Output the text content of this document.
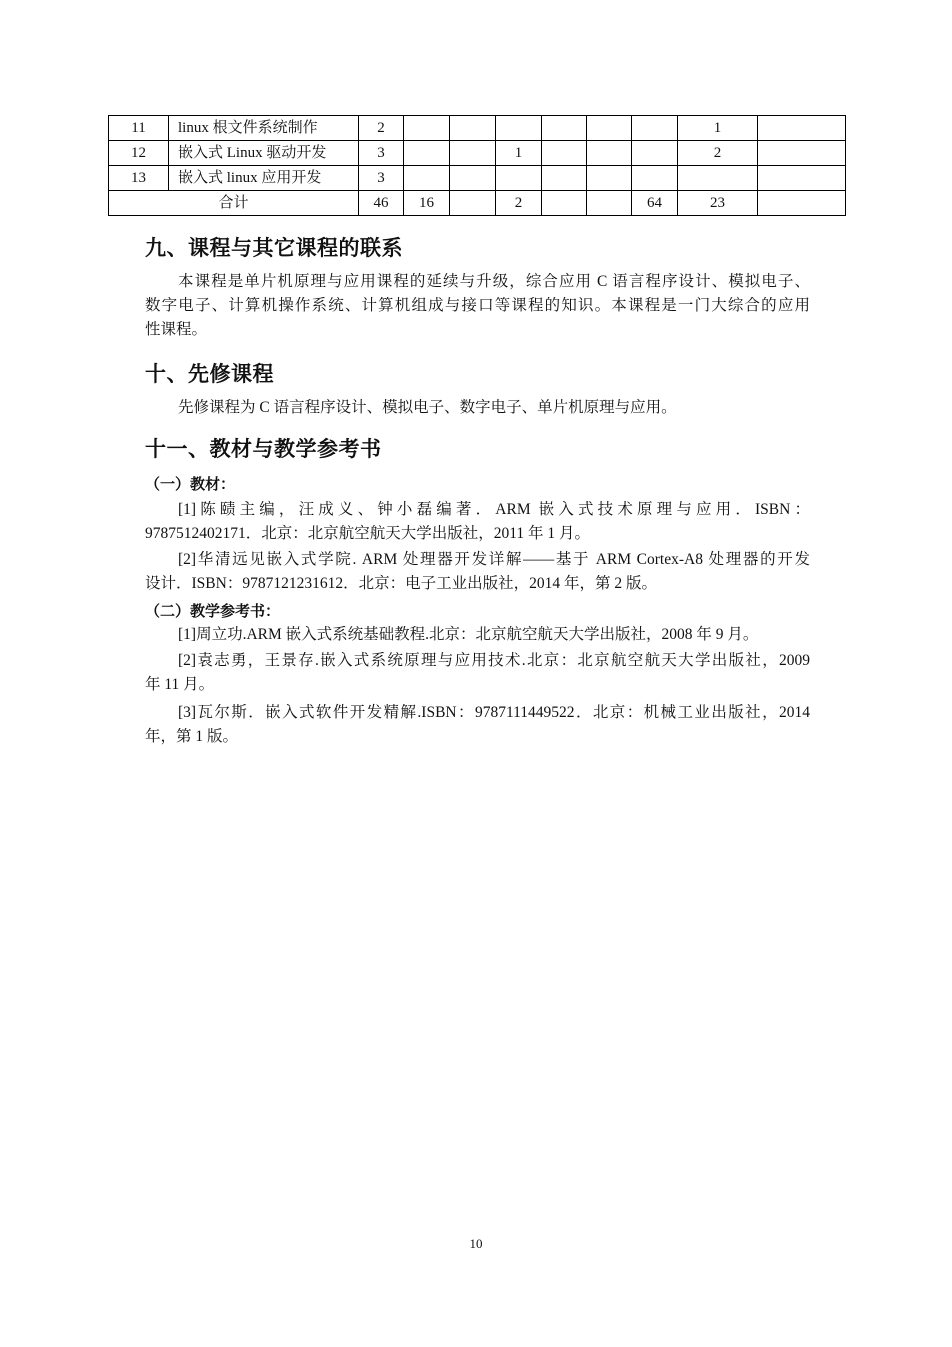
11	linux 根文件系统制作	2							1	
12	嵌入式 Linux 驱动开发	3			1				2	
13	嵌入式 linux 应用开发	3								
合计		46	16		2			64	23	
九、课程与其它课程的联系
本课程是单片机原理与应用课程的延续与升级，综合应用 C 语言程序设计、模拟电子、
数字电子、计算机操作系统、计算机组成与接口等课程的知识。本课程是一门大综合的应用
性课程。
十、先修课程
先修课程为 C 语言程序设计、模拟电子、数字电子、单片机原理与应用。
十一、教材与教学参考书
（一）教材：
[1]陈赜主编，汪成义、钟小磊编著．ARM 嵌入式技术原理与应用．ISBN：
9787512402171．北京：北京航空航天大学出版社，2011 年 1 月。
[2]华清远见嵌入式学院. ARM 处理器开发详解——基于 ARM Cortex-A8 处理器的开发
设计．ISBN：9787121231612．北京：电子工业出版社，2014 年，第 2 版。
（二）教学参考书：
[1]周立功.ARM 嵌入式系统基础教程.北京：北京航空航天大学出版社，2008 年 9 月。
[2]袁志勇，王景存.嵌入式系统原理与应用技术.北京：北京航空航天大学出版社，2009
年 11 月。
[3]瓦尔斯．嵌入式软件开发精解.ISBN：9787111449522．北京：机械工业出版社，2014
年，第 1 版。
10
